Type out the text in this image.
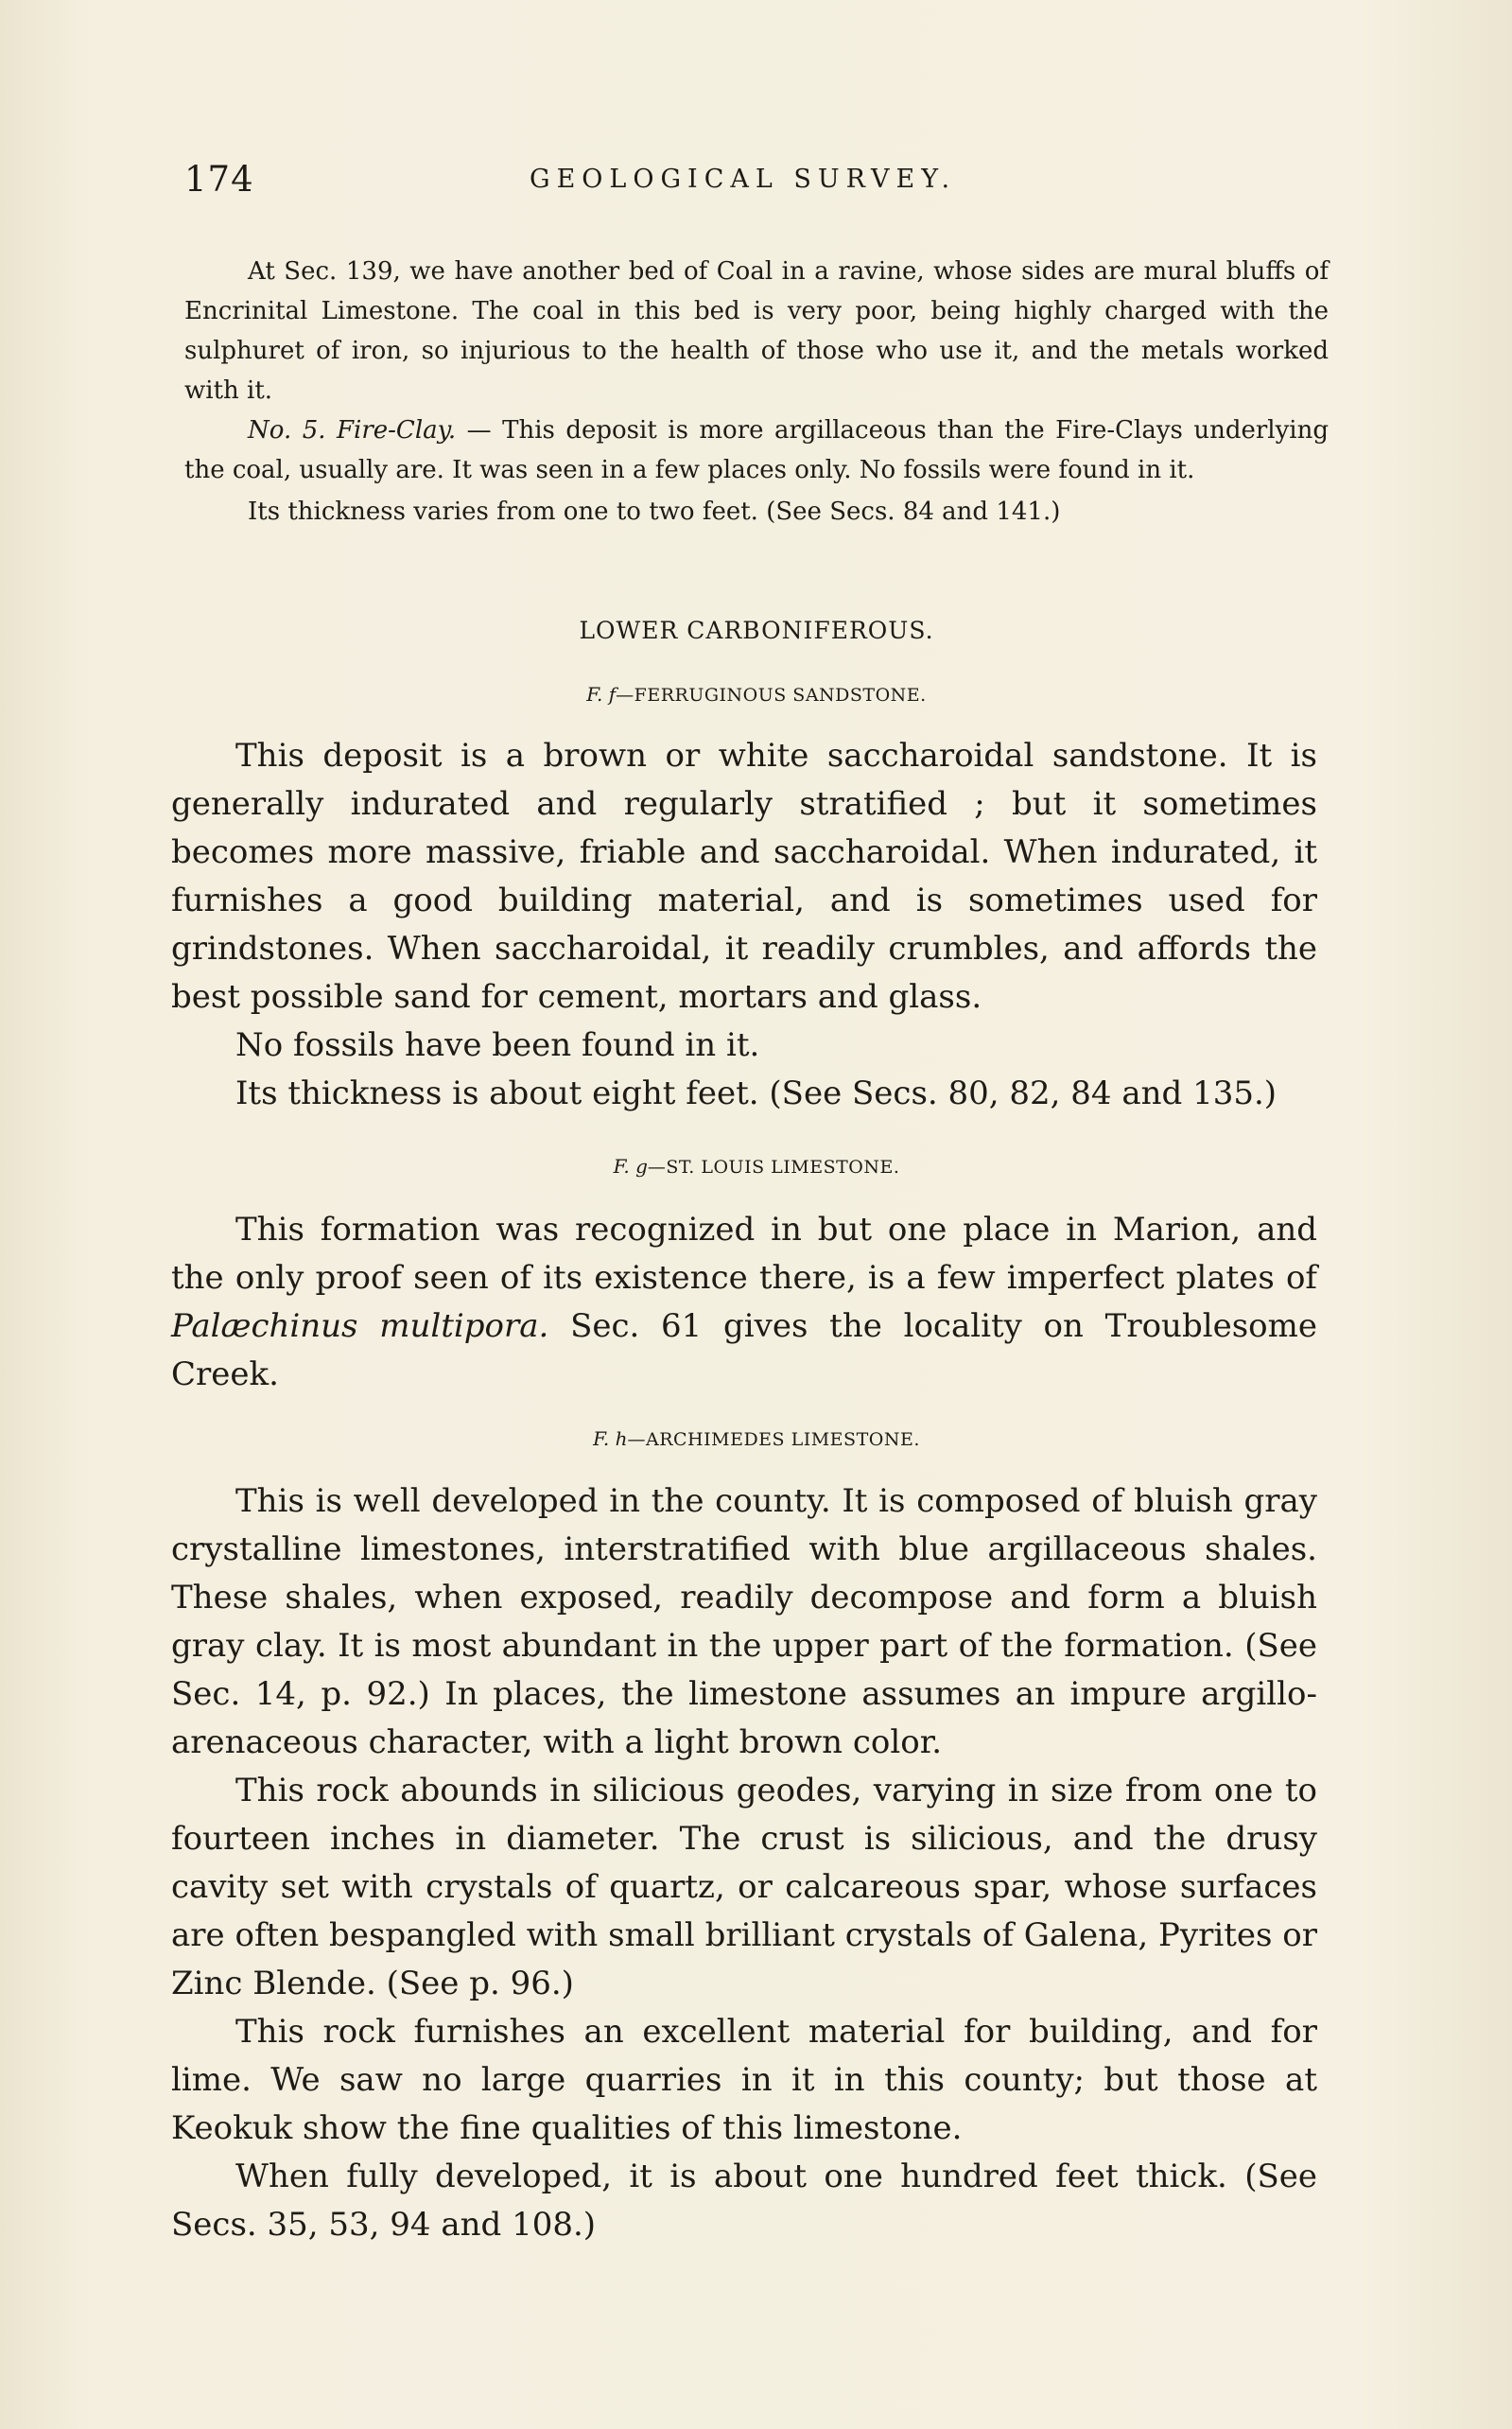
174	GEOLOGICAL SURVEY.

At Sec. 139, we have another bed of Coal in a ravine, whose sides are mural bluffs of Encrinital Limestone. The coal in this bed is very poor, being highly charged with the sulphuret of iron, so injurious to the health of those who use it, and the metals worked with it.

No. 5. Fire-Clay. — This deposit is more argillaceous than the Fire-Clays underlying the coal, usually are. It was seen in a few places only. No fossils were found in it.

Its thickness varies from one to two feet. (See Secs. 84 and 141.)

LOWER CARBONIFEROUS.
F. f—FERRUGINOUS SANDSTONE.

This deposit is a brown or white saccharoidal sandstone. It is generally indurated and regularly stratified ; but it sometimes becomes more massive, friable and saccharoidal. When indurated, it furnishes a good building material, and is sometimes used for grindstones. When saccharoidal, it readily crumbles, and affords the best possible sand for cement, mortars and glass.

No fossils have been found in it.

Its thickness is about eight feet. (See Secs. 80, 82, 84 and 135.)

F. g—ST. LOUIS LIMESTONE.

This formation was recognized in but one place in Marion, and the only proof seen of its existence there, is a few imperfect plates of Palæchinus multipora. Sec. 61 gives the locality on Troublesome Creek.

F. h—ARCHIMEDES LIMESTONE.

This is well developed in the county. It is composed of bluish gray crystalline limestones, interstratified with blue argillaceous shales. These shales, when exposed, readily decompose and form a bluish gray clay. It is most abundant in the upper part of the formation. (See Sec. 14, p. 92.) In places, the limestone assumes an impure argillo-arenaceous character, with a light brown color.

This rock abounds in silicious geodes, varying in size from one to fourteen inches in diameter. The crust is silicious, and the drusy cavity set with crystals of quartz, or calcareous spar, whose surfaces are often bespangled with small brilliant crystals of Galena, Pyrites or Zinc Blende. (See p. 96.)

This rock furnishes an excellent material for building, and for lime. We saw no large quarries in it in this county; but those at Keokuk show the fine qualities of this limestone.

When fully developed, it is about one hundred feet thick. (See Secs. 35, 53, 94 and 108.)
